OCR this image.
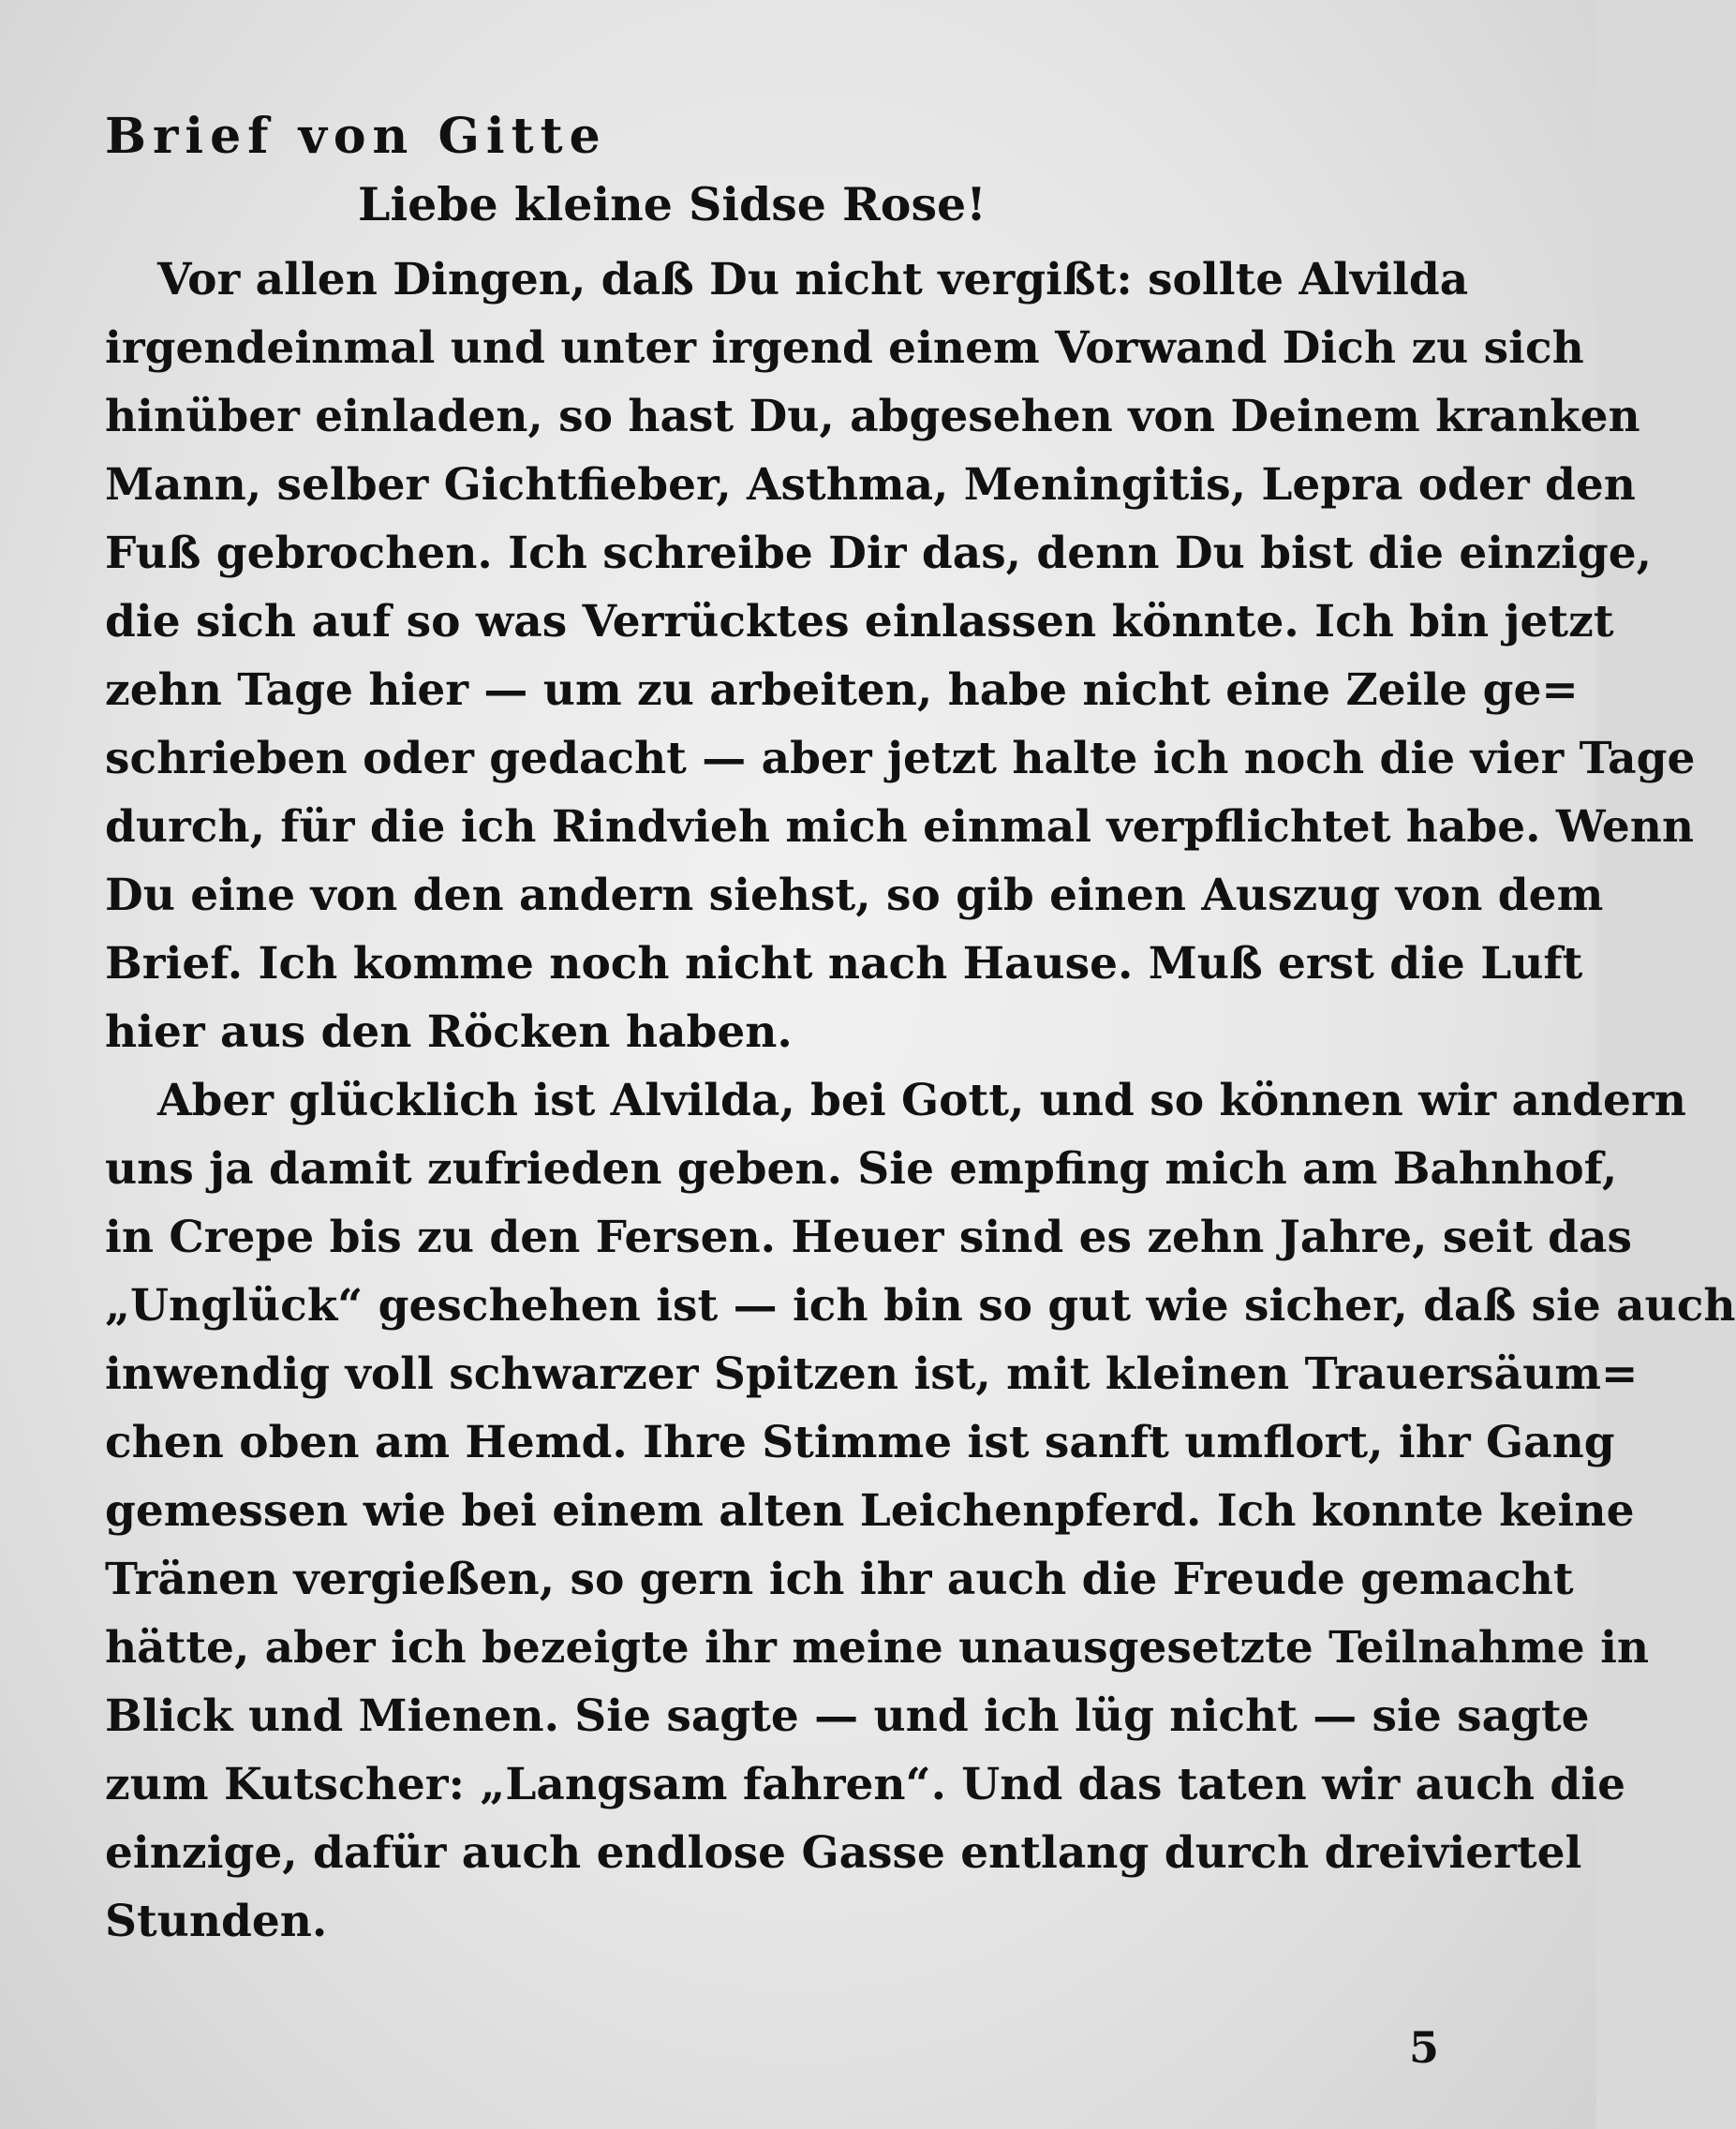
Brief von Gitte

Liebe kleine Sidse Rose!

Vor allen Dingen, daß Du nicht vergißt: sollte Alvilda
irgendeinmal und unter irgend einem Vorwand Dich zu sich
hinüber einladen, so hast Du, abgesehen von Deinem kranken
Mann, selber Gichtfieber, Asthma, Meningitis, Lepra oder den
Fuß gebrochen. Ich schreibe Dir das, denn Du bist die einzige,
die sich auf so was Verrücktes einlassen könnte. Ich bin jetzt
zehn Tage hier — um zu arbeiten, habe nicht eine Zeile ge=
schrieben oder gedacht — aber jetzt halte ich noch die vier Tage
durch, für die ich Rindvieh mich einmal verpflichtet habe. Wenn
Du eine von den andern siehst, so gib einen Auszug von dem
Brief. Ich komme noch nicht nach Hause. Muß erst die Luft
hier aus den Röcken haben.
Aber glücklich ist Alvilda, bei Gott, und so können wir andern
uns ja damit zufrieden geben. Sie empfing mich am Bahnhof,
in Crepe bis zu den Fersen. Heuer sind es zehn Jahre, seit das
„Unglück“ geschehen ist — ich bin so gut wie sicher, daß sie auch
inwendig voll schwarzer Spitzen ist, mit kleinen Trauersäum=
chen oben am Hemd. Ihre Stimme ist sanft umflort, ihr Gang
gemessen wie bei einem alten Leichenpferd. Ich konnte keine
Tränen vergießen, so gern ich ihr auch die Freude gemacht
hätte, aber ich bezeigte ihr meine unausgesetzte Teilnahme in
Blick und Mienen. Sie sagte — und ich lüg nicht — sie sagte
zum Kutscher: „Langsam fahren“. Und das taten wir auch die
einzige, dafür auch endlose Gasse entlang durch dreiviertel
Stunden.
5
